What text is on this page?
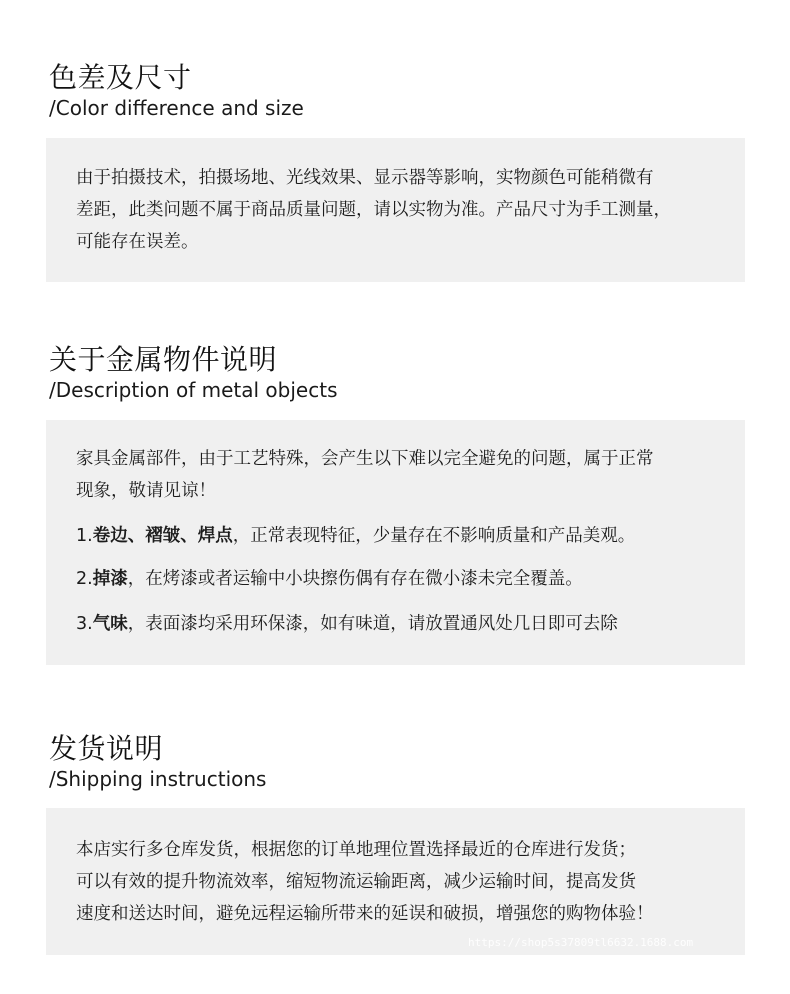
色差及尺寸
/Color difference and size
由于拍摄技术，拍摄场地、光线效果、显示器等影响，实物颜色可能稍微有
差距，此类问题不属于商品质量问题，请以实物为准。产品尺寸为手工测量，
可能存在误差。
关于金属物件说明
/Description of metal objects
家具金属部件，由于工艺特殊，会产生以下难以完全避免的问题，属于正常
现象，敬请见谅！
1.卷边、褶皱、焊点，正常表现特征，少量存在不影响质量和产品美观。
2.掉漆，在烤漆或者运输中小块擦伤偶有存在微小漆未完全覆盖。
3.气味，表面漆均采用环保漆，如有味道，请放置通风处几日即可去除
发货说明
/Shipping instructions
本店实行多仓库发货，根据您的订单地理位置选择最近的仓库进行发货；
可以有效的提升物流效率，缩短物流运输距离，减少运输时间，提高发货
速度和送达时间，避免远程运输所带来的延误和破损，增强您的购物体验！
https://shop5s37809tl6632.1688.com
